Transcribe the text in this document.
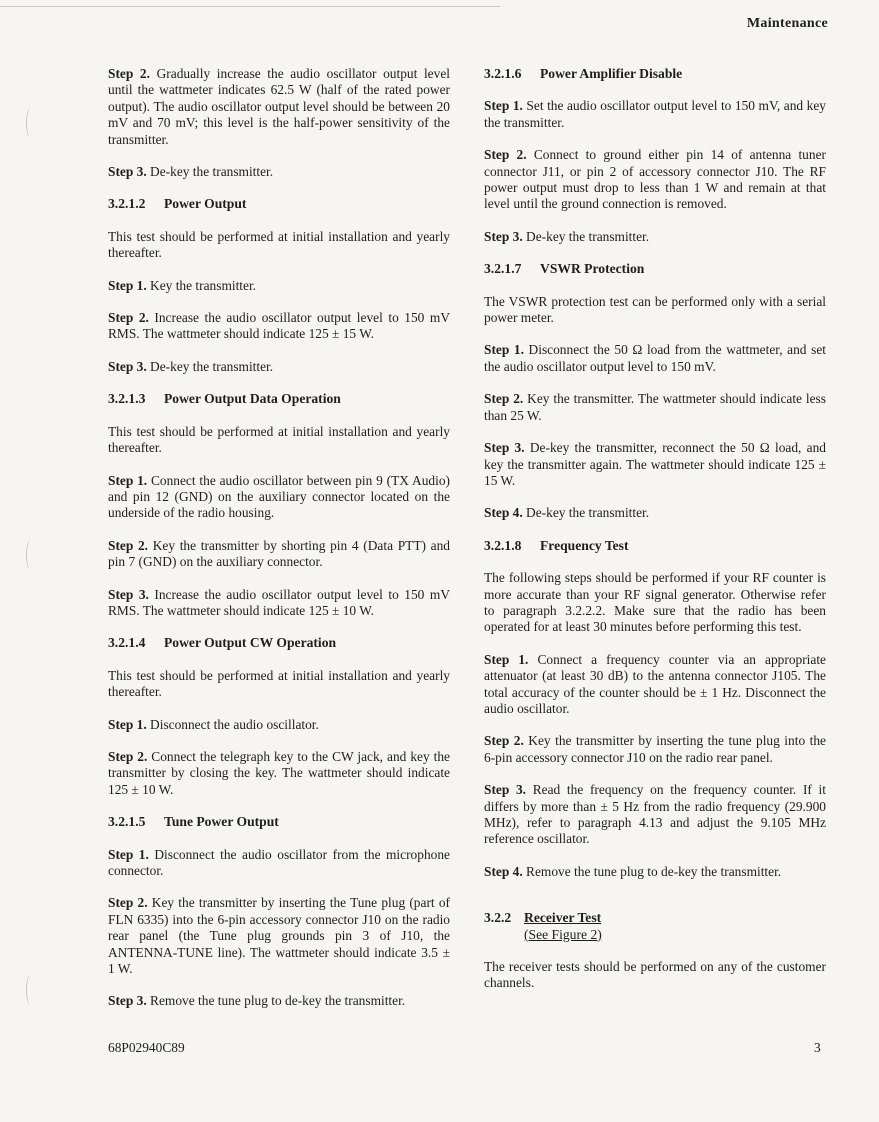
Maintenance

Step 2. Gradually increase the audio oscillator output level until the wattmeter indicates 62.5 W (half of the rated power output). The audio oscillator output level should be between 20 mV and 70 mV; this level is the half-power sensitivity of the transmitter.

Step 3. De-key the transmitter.

3.2.1.2 Power Output

This test should be performed at initial installation and yearly thereafter.

Step 1. Key the transmitter.

Step 2. Increase the audio oscillator output level to 150 mV RMS. The wattmeter should indicate 125 ± 15 W.

Step 3. De-key the transmitter.

3.2.1.3 Power Output Data Operation

This test should be performed at initial installation and yearly thereafter.

Step 1. Connect the audio oscillator between pin 9 (TX Audio) and pin 12 (GND) on the auxiliary connector located on the underside of the radio housing.

Step 2. Key the transmitter by shorting pin 4 (Data PTT) and pin 7 (GND) on the auxiliary connector.

Step 3. Increase the audio oscillator output level to 150 mV RMS. The wattmeter should indicate 125 ± 10 W.

3.2.1.4 Power Output CW Operation

This test should be performed at initial installation and yearly thereafter.

Step 1. Disconnect the audio oscillator.

Step 2. Connect the telegraph key to the CW jack, and key the transmitter by closing the key. The wattmeter should indicate 125 ± 10 W.

3.2.1.5 Tune Power Output

Step 1. Disconnect the audio oscillator from the microphone connector.

Step 2. Key the transmitter by inserting the Tune plug (part of FLN 6335) into the 6-pin accessory connector J10 on the radio rear panel (the Tune plug grounds pin 3 of J10, the ANTENNA-TUNE line). The wattmeter should indicate 3.5 ± 1 W.

Step 3. Remove the tune plug to de-key the transmitter.

3.2.1.6 Power Amplifier Disable

Step 1. Set the audio oscillator output level to 150 mV, and key the transmitter.

Step 2. Connect to ground either pin 14 of antenna tuner connector J11, or pin 2 of accessory connector J10. The RF power output must drop to less than 1 W and remain at that level until the ground connection is removed.

Step 3. De-key the transmitter.

3.2.1.7 VSWR Protection

The VSWR protection test can be performed only with a serial power meter.

Step 1. Disconnect the 50 Ω load from the wattmeter, and set the audio oscillator output level to 150 mV.

Step 2. Key the transmitter. The wattmeter should indicate less than 25 W.

Step 3. De-key the transmitter, reconnect the 50 Ω load, and key the transmitter again. The wattmeter should indicate 125 ± 15 W.

Step 4. De-key the transmitter.

3.2.1.8 Frequency Test

The following steps should be performed if your RF counter is more accurate than your RF signal generator. Otherwise refer to paragraph 3.2.2.2. Make sure that the radio has been operated for at least 30 minutes before performing this test.

Step 1. Connect a frequency counter via an appropriate attenuator (at least 30 dB) to the antenna connector J105. The total accuracy of the counter should be ± 1 Hz. Disconnect the audio oscillator.

Step 2. Key the transmitter by inserting the tune plug into the 6-pin accessory connector J10 on the radio rear panel.

Step 3. Read the frequency on the frequency counter. If it differs by more than ± 5 Hz from the radio frequency (29.900 MHz), refer to paragraph 4.13 and adjust the 9.105 MHz reference oscillator.

Step 4. Remove the tune plug to de-key the transmitter.

3.2.2 Receiver Test
(See Figure 2)

The receiver tests should be performed on any of the customer channels.

68P02940C89	3
